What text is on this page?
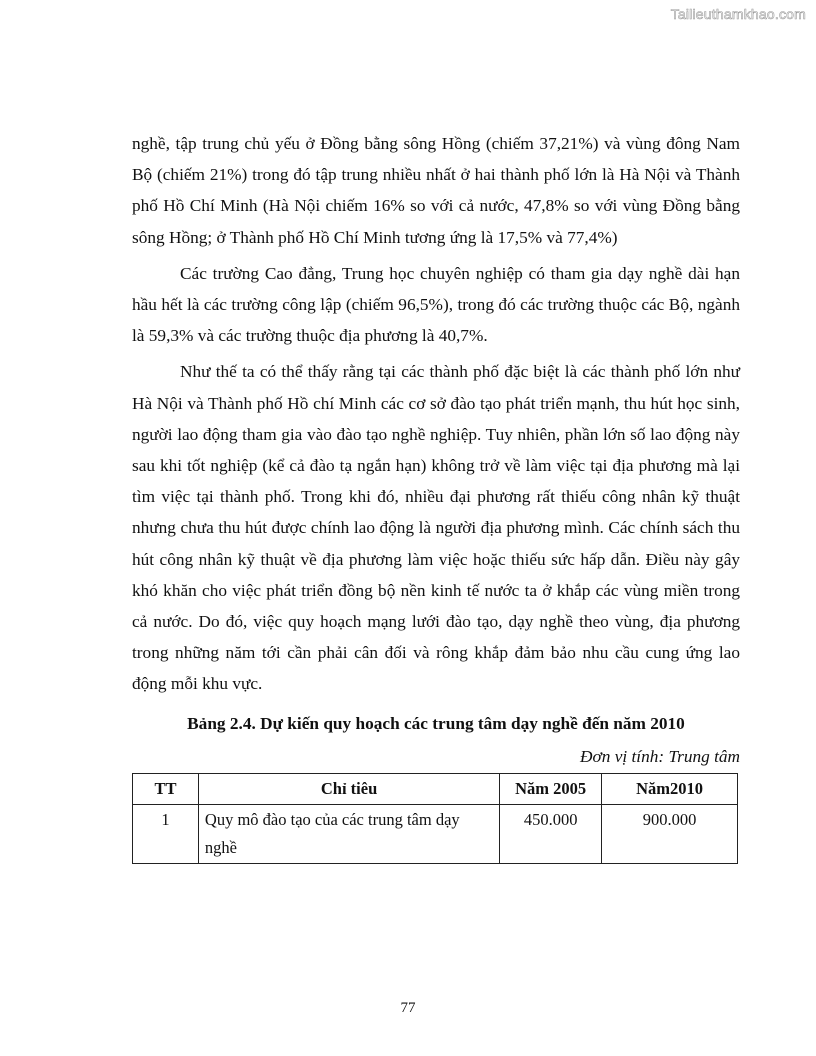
Tailieuthamkhao.com

nghề, tập trung chủ yếu ở Đồng bằng sông Hồng (chiếm 37,21%) và vùng đông Nam Bộ (chiếm 21%) trong đó tập trung nhiều nhất ở hai thành phố lớn là Hà Nội và Thành phố Hồ Chí Minh (Hà Nội chiếm 16% so với cả nước, 47,8% so với vùng Đồng bằng sông Hồng; ở Thành phố Hồ Chí Minh tương ứng là 17,5% và 77,4%)

Các trường Cao đẳng, Trung học chuyên nghiệp có tham gia dạy nghề dài hạn hầu hết là các trường công lập (chiếm 96,5%), trong đó các trường thuộc các Bộ, ngành là 59,3% và các trường thuộc địa phương là 40,7%.

Như thế ta có thể thấy rằng tại các thành phố đặc biệt là các thành phố lớn như Hà Nội và Thành phố Hồ chí Minh các cơ sở đào tạo phát triển mạnh, thu hút học sinh, người lao động tham gia vào đào tạo nghề nghiệp. Tuy nhiên, phần lớn số lao động này sau khi tốt nghiệp (kể cả đào tạ ngắn hạn) không trở về làm việc tại địa phương mà lại tìm việc tại thành phố. Trong khi đó, nhiều đại phương rất thiếu công nhân kỹ thuật nhưng chưa thu hút được chính lao động là người địa phương mình. Các chính sách thu hút công nhân kỹ thuật về địa phương làm việc hoặc thiếu sức hấp dẫn. Điều này gây khó khăn cho việc phát triển đồng bộ nền kinh tế nước ta ở khắp các vùng miền trong cả nước. Do đó, việc quy hoạch mạng lưới đào tạo, dạy nghề theo vùng, địa phương trong những năm tới cần phải cân đối và rông khắp đảm bảo nhu cầu cung ứng lao động mỗi khu vực.

Bảng 2.4. Dự kiến quy hoạch các trung tâm dạy nghề đến năm 2010
Đơn vị tính: Trung tâm
TT	Chỉ tiêu	Năm 2005	Năm2010
1	Quy mô đào tạo của các trung tâm dạy nghề	450.000	900.000
77
